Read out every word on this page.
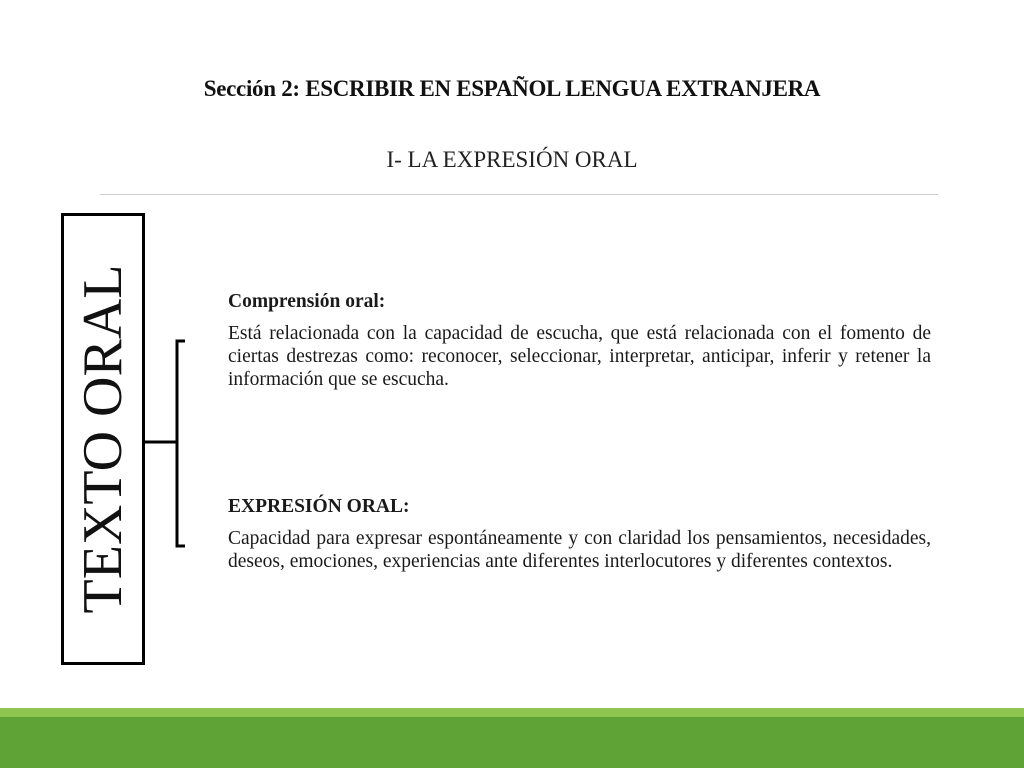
Sección 2: ESCRIBIR EN ESPAÑOL LENGUA EXTRANJERA
I- LA EXPRESIÓN ORAL
TEXTO ORAL	Comprensión oral:
Está relacionada con la capacidad de escucha, que está relacionada con el fomento de ciertas destrezas como: reconocer, seleccionar, interpretar, anticipar, inferir y retener la información que se escucha.
EXPRESIÓN ORAL:
Capacidad para expresar espontáneamente y con claridad los pensamientos, necesidades, deseos, emociones, experiencias ante diferentes interlocutores y diferentes contextos.
